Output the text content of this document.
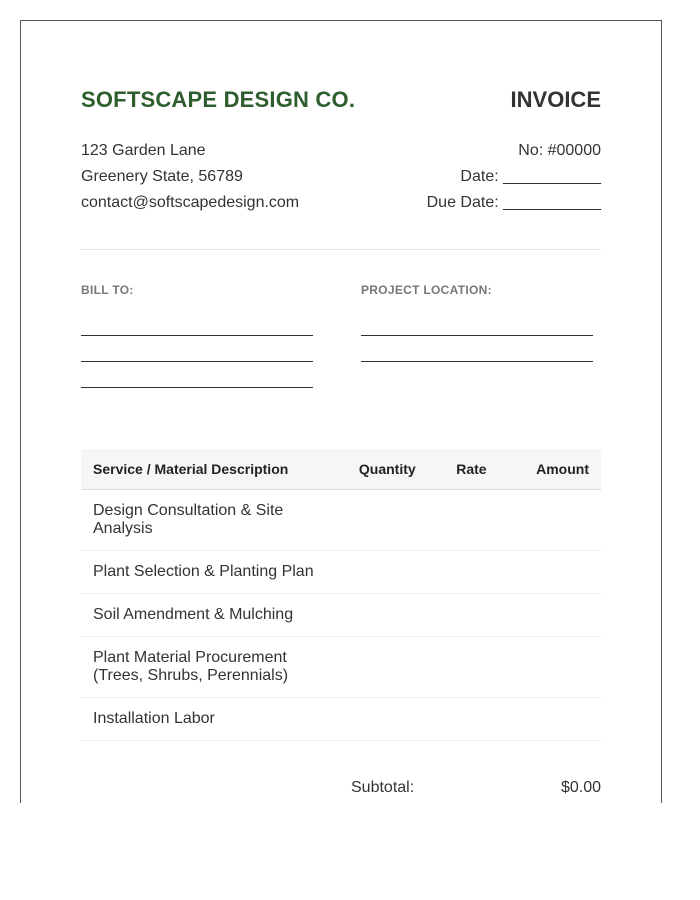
SOFTSCAPE DESIGN CO.	INVOICE
123 Garden Lane
Greenery State, 56789
contact@softscapedesign.com
No: #00000
Date: ___________
Due Date: ___________
BILL TO:	PROJECT LOCATION:
Service / Material Description	Quantity	Rate	Amount
Design Consultation & Site Analysis			
Plant Selection & Planting Plan			
Soil Amendment & Mulching			
Plant Material Procurement (Trees, Shrubs, Perennials)			
Installation Labor			
Subtotal:	$0.00
